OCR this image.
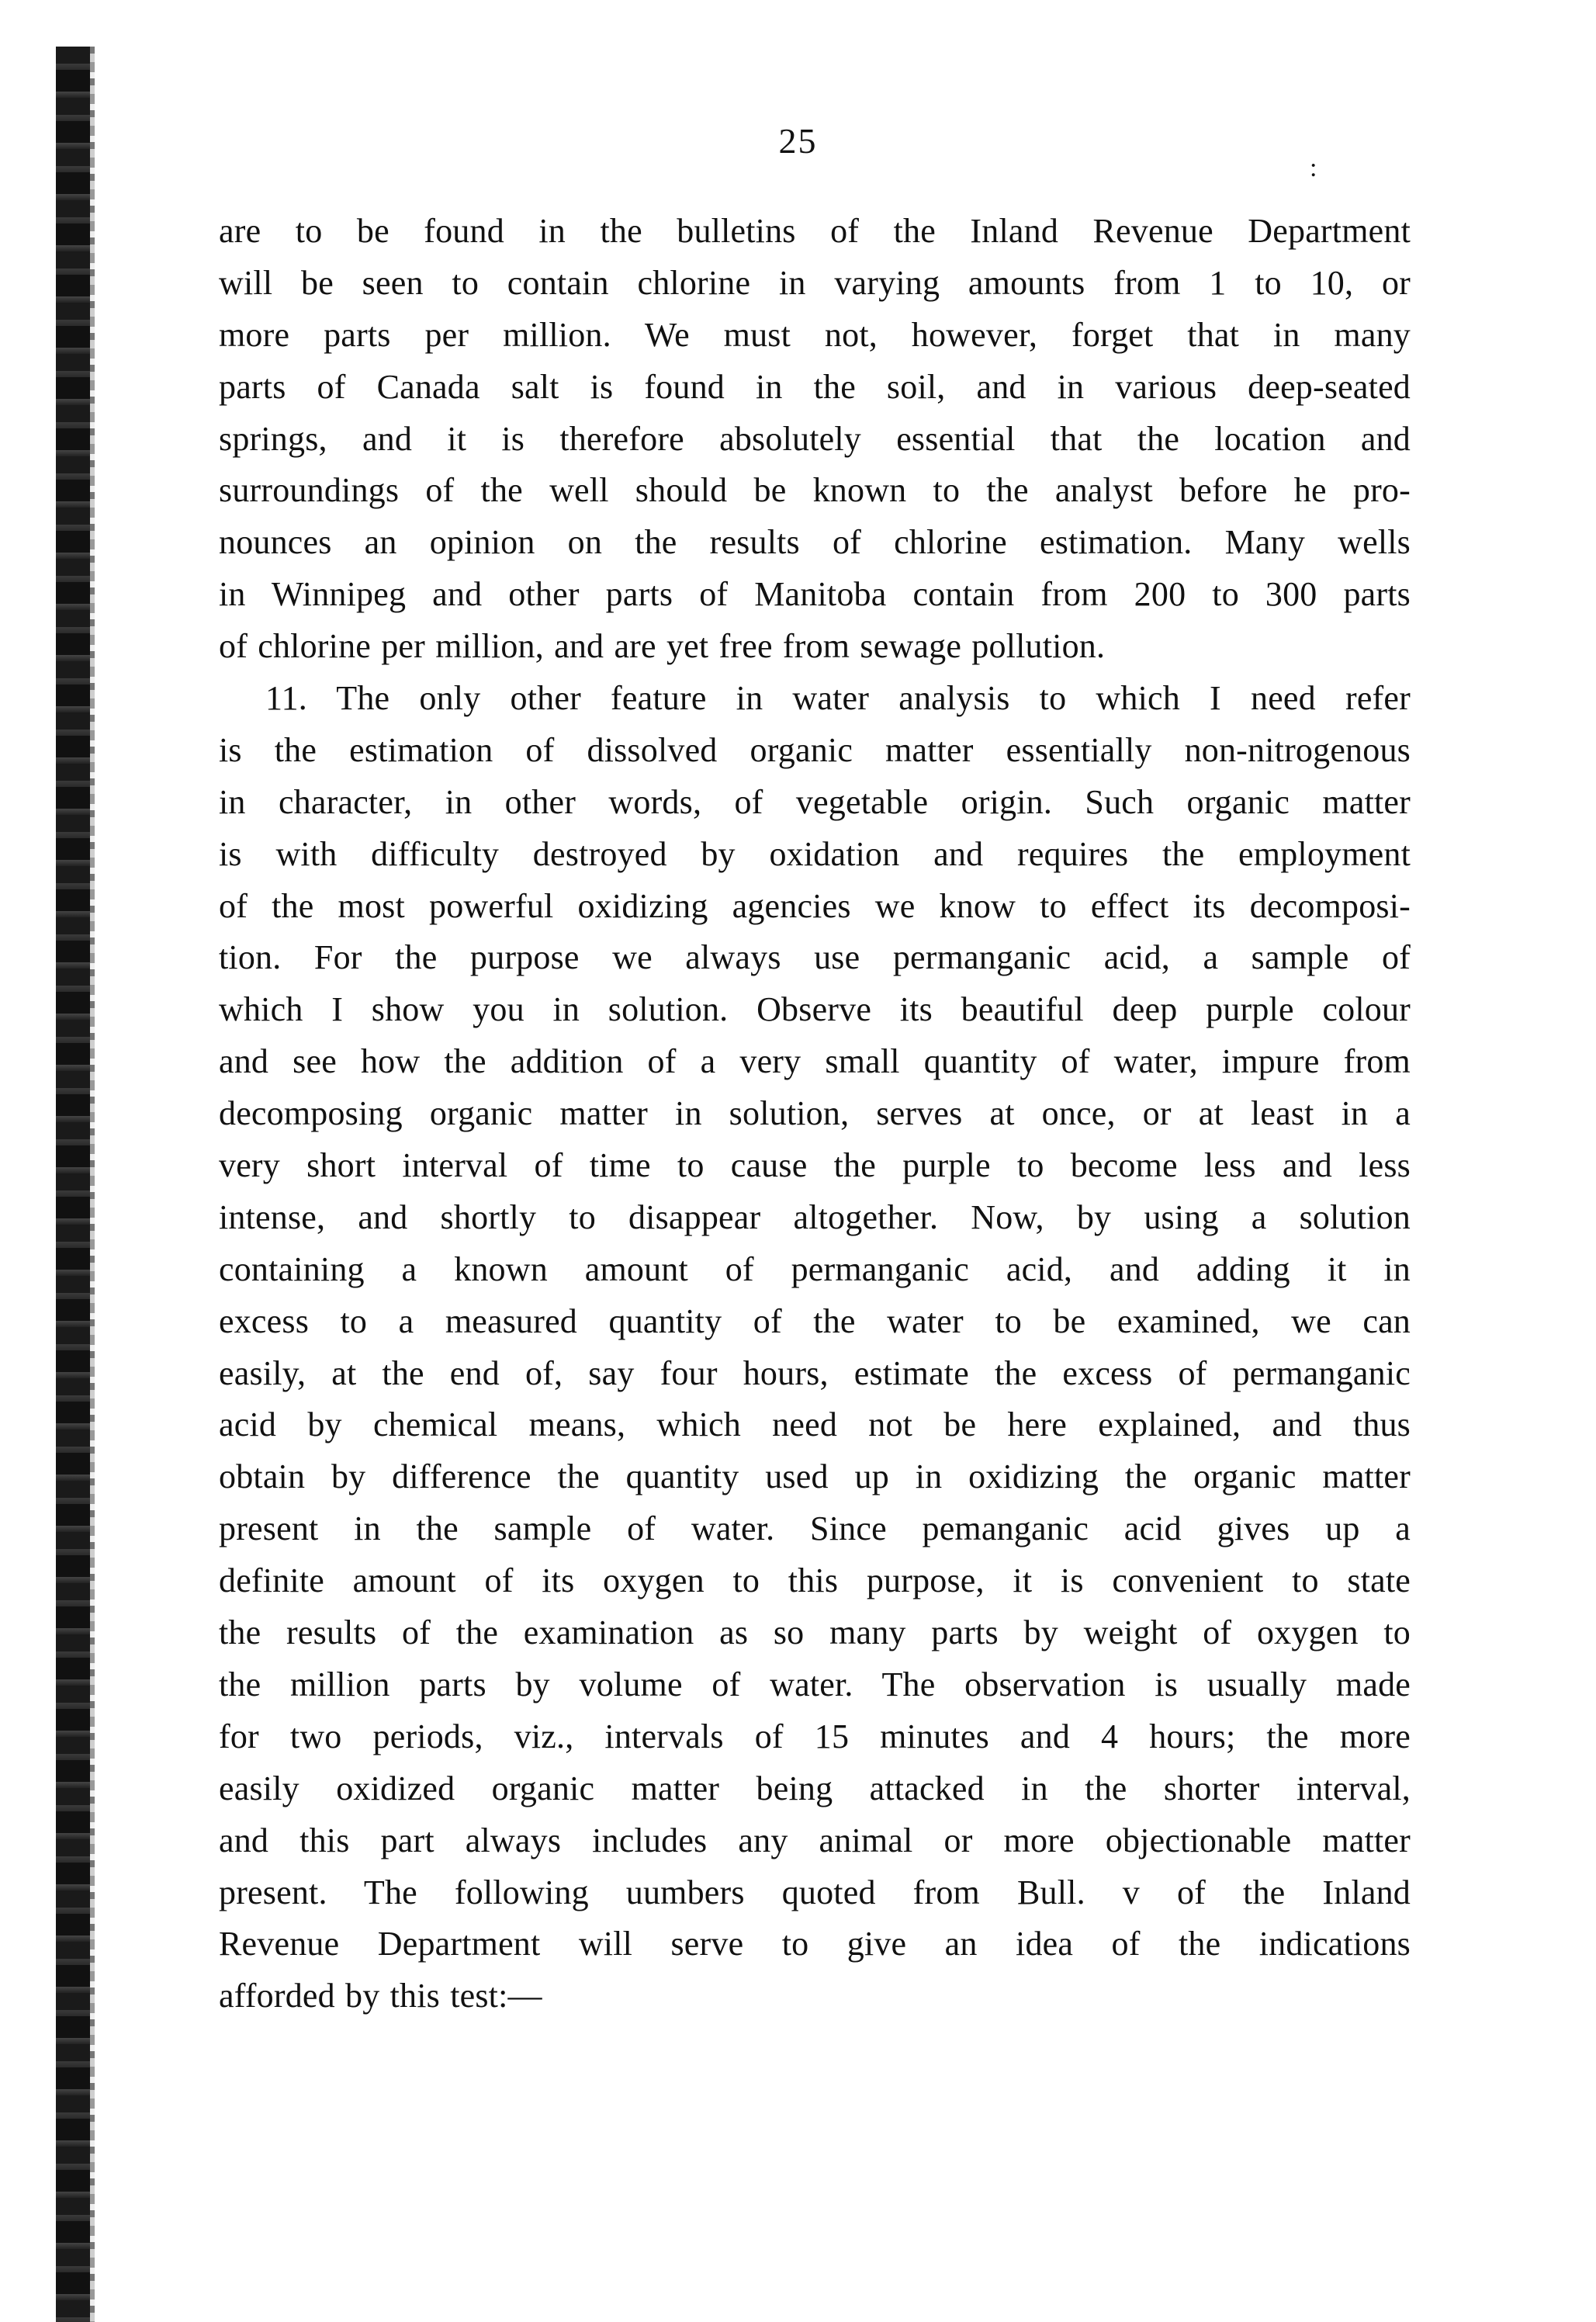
25
:
are to be found in the bulletins of the Inland Revenue Department
will be seen to contain chlorine in varying amounts from 1 to 10, or
more parts per million. We must not, however, forget that in many
parts of Canada salt is found in the soil, and in various deep-seated
springs, and it is therefore absolutely essential that the location and
surroundings of the well should be known to the analyst before he pro-
nounces an opinion on the results of chlorine estimation. Many wells
in Winnipeg and other parts of Manitoba contain from 200 to 300 parts
of chlorine per million, and are yet free from sewage pollution.
11. The only other feature in water analysis to which I need refer
is the estimation of dissolved organic matter essentially non-nitrogenous
in character, in other words, of vegetable origin. Such organic matter
is with difficulty destroyed by oxidation and requires the employment
of the most powerful oxidizing agencies we know to effect its decomposi-
tion. For the purpose we always use permanganic acid, a sample of
which I show you in solution. Observe its beautiful deep purple colour
and see how the addition of a very small quantity of water, impure from
decomposing organic matter in solution, serves at once, or at least in a
very short interval of time to cause the purple to become less and less
intense, and shortly to disappear altogether. Now, by using a solution
containing a known amount of permanganic acid, and adding it in
excess to a measured quantity of the water to be examined, we can
easily, at the end of, say four hours, estimate the excess of permanganic
acid by chemical means, which need not be here explained, and thus
obtain by difference the quantity used up in oxidizing the organic matter
present in the sample of water. Since pemanganic acid gives up a
definite amount of its oxygen to this purpose, it is convenient to state
the results of the examination as so many parts by weight of oxygen to
the million parts by volume of water. The observation is usually made
for two periods, viz., intervals of 15 minutes and 4 hours; the more
easily oxidized organic matter being attacked in the shorter interval,
and this part always includes any animal or more objectionable matter
present. The following uumbers quoted from Bull. v of the Inland
Revenue Department will serve to give an idea of the indications
afforded by this test:—
